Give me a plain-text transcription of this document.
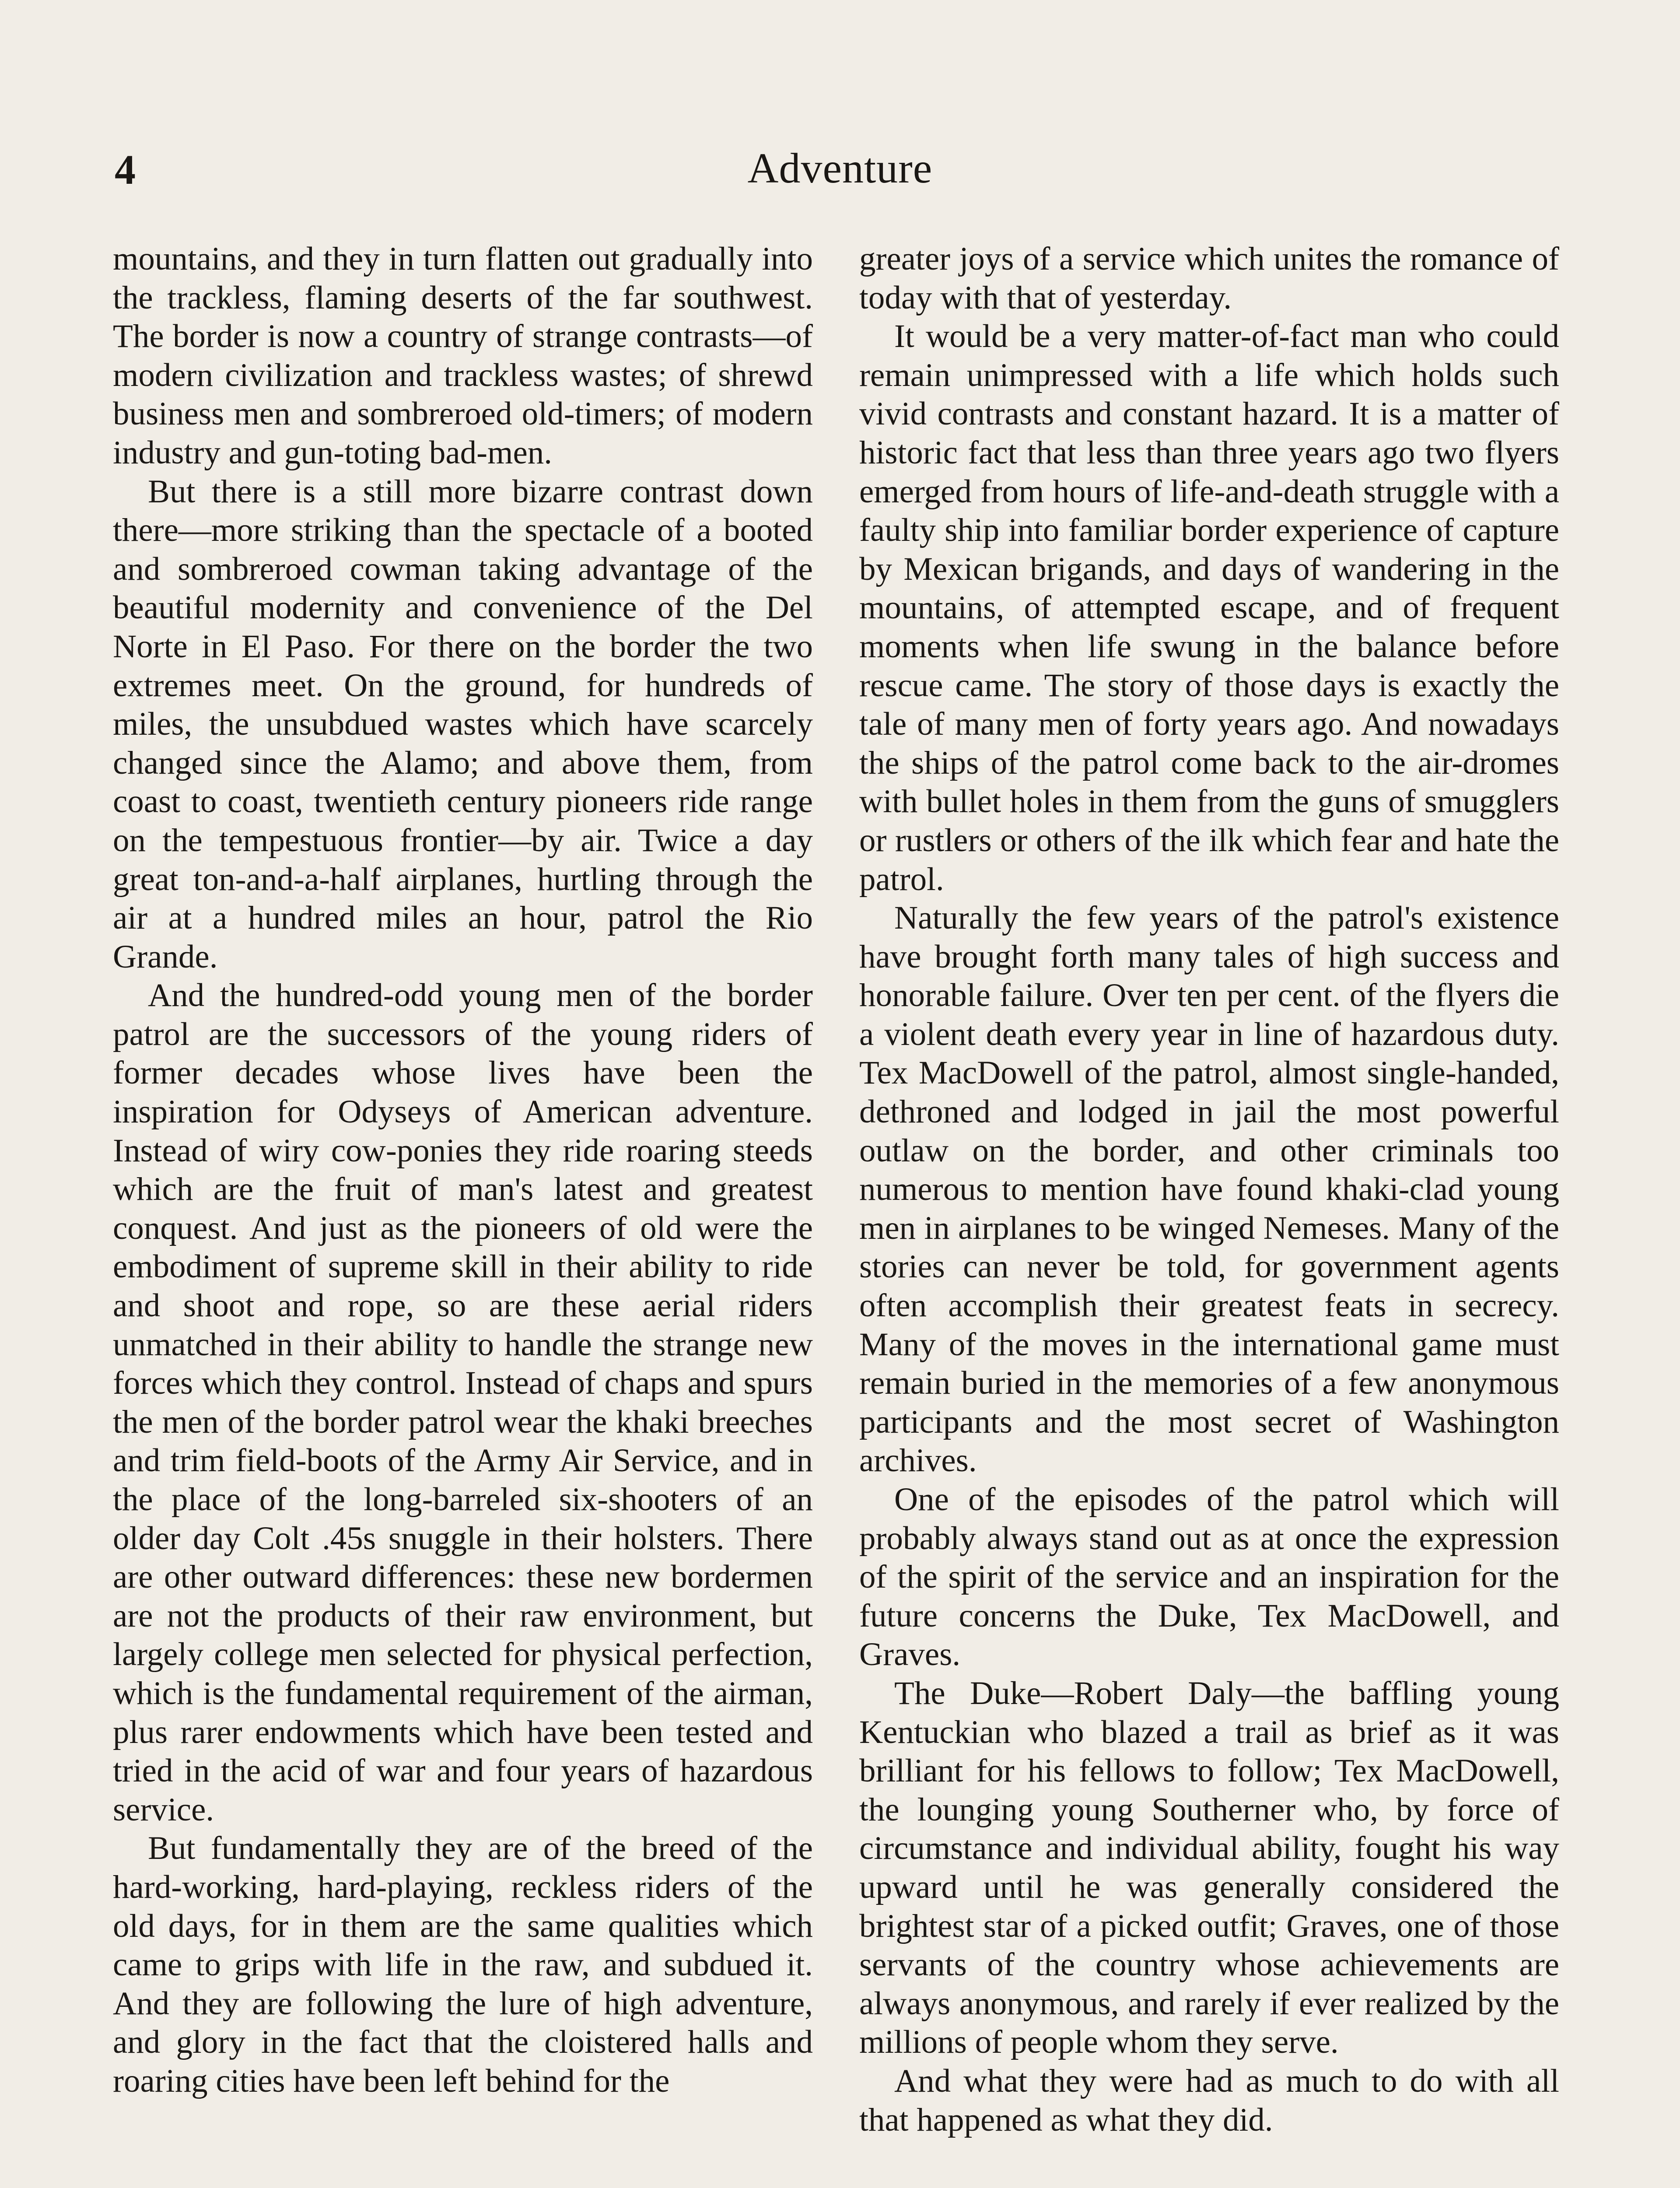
4	Adventure

mountains, and they in turn flatten out gradually into the trackless, flaming deserts of the far southwest. The border is now a country of strange contrasts—of modern civilization and trackless wastes; of shrewd business men and sombreroed old-timers; of modern industry and gun-toting bad-men.

But there is a still more bizarre contrast down there—more striking than the spectacle of a booted and sombreroed cowman taking advantage of the beautiful modernity and convenience of the Del Norte in El Paso. For there on the border the two extremes meet. On the ground, for hundreds of miles, the unsubdued wastes which have scarcely changed since the Alamo; and above them, from coast to coast, twentieth century pioneers ride range on the tempestuous frontier—by air. Twice a day great ton-and-a-half airplanes, hurtling through the air at a hundred miles an hour, patrol the Rio Grande.

And the hundred-odd young men of the border patrol are the successors of the young riders of former decades whose lives have been the inspiration for Odyseys of American adventure. Instead of wiry cow-ponies they ride roaring steeds which are the fruit of man's latest and greatest conquest. And just as the pioneers of old were the embodiment of supreme skill in their ability to ride and shoot and rope, so are these aerial riders unmatched in their ability to handle the strange new forces which they control. Instead of chaps and spurs the men of the border patrol wear the khaki breeches and trim field-boots of the Army Air Service, and in the place of the long-barreled six-shooters of an older day Colt .45s snuggle in their holsters. There are other outward differences: these new bordermen are not the products of their raw environment, but largely college men selected for physical perfection, which is the fundamental requirement of the airman, plus rarer endowments which have been tested and tried in the acid of war and four years of hazardous service.

But fundamentally they are of the breed of the hard-working, hard-playing, reckless riders of the old days, for in them are the same qualities which came to grips with life in the raw, and subdued it. And they are following the lure of high adventure, and glory in the fact that the cloistered halls and roaring cities have been left behind for the

greater joys of a service which unites the romance of today with that of yesterday.

It would be a very matter-of-fact man who could remain unimpressed with a life which holds such vivid contrasts and constant hazard. It is a matter of historic fact that less than three years ago two flyers emerged from hours of life-and-death struggle with a faulty ship into familiar border experience of capture by Mexican brigands, and days of wandering in the mountains, of attempted escape, and of frequent moments when life swung in the balance before rescue came. The story of those days is exactly the tale of many men of forty years ago. And nowadays the ships of the patrol come back to the air-dromes with bullet holes in them from the guns of smugglers or rustlers or others of the ilk which fear and hate the patrol.

Naturally the few years of the patrol's existence have brought forth many tales of high success and honorable failure. Over ten per cent. of the flyers die a violent death every year in line of hazardous duty. Tex MacDowell of the patrol, almost single-handed, dethroned and lodged in jail the most powerful outlaw on the border, and other criminals too numerous to mention have found khaki-clad young men in airplanes to be winged Nemeses. Many of the stories can never be told, for government agents often accomplish their greatest feats in secrecy. Many of the moves in the international game must remain buried in the memories of a few anonymous participants and the most secret of Washington archives.

One of the episodes of the patrol which will probably always stand out as at once the expression of the spirit of the service and an inspiration for the future concerns the Duke, Tex MacDowell, and Graves.

The Duke—Robert Daly—the baffling young Kentuckian who blazed a trail as brief as it was brilliant for his fellows to follow; Tex MacDowell, the lounging young Southerner who, by force of circumstance and individual ability, fought his way upward until he was generally considered the brightest star of a picked outfit; Graves, one of those servants of the country whose achievements are always anonymous, and rarely if ever realized by the millions of people whom they serve.

And what they were had as much to do with all that happened as what they did.
